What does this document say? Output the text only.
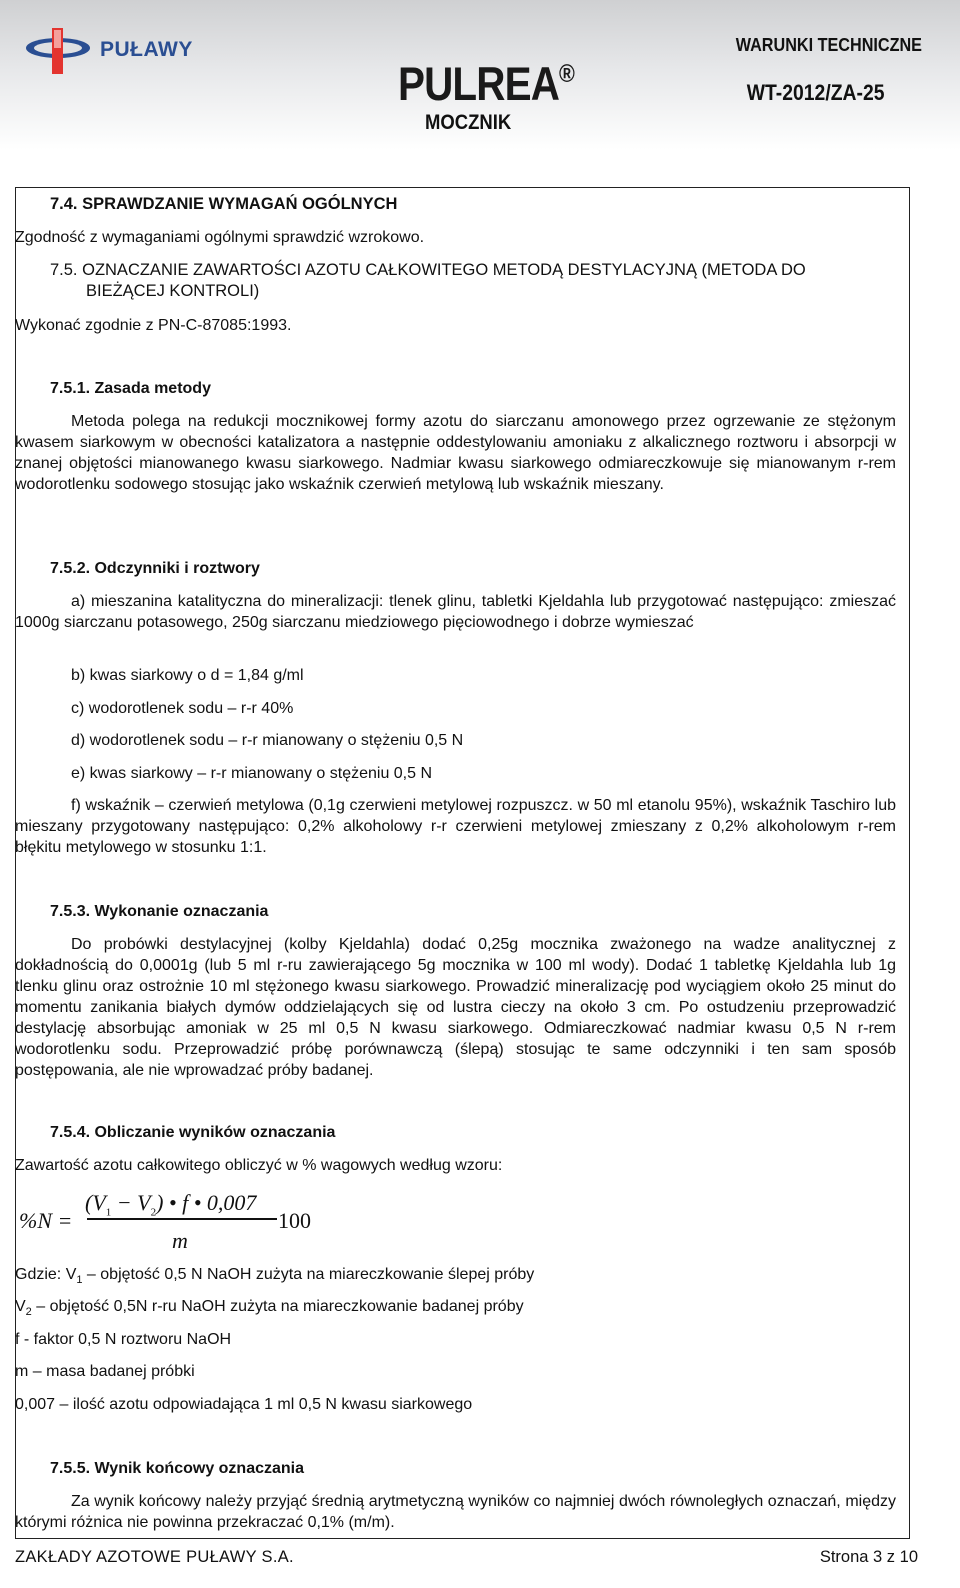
PUŁAWY
PULREA®
MOCZNIK
WARUNKI TECHNICZNE
WT-2012/ZA-25
7.4. SPRAWDZANIE WYMAGAŃ OGÓLNYCH
Zgodność z wymaganiami ogólnymi sprawdzić wzrokowo.
7.5. OZNACZANIE ZAWARTOŚCI AZOTU CAŁKOWITEGO METODĄ DESTYLACYJNĄ (METODA DO
BIEŻĄCEJ KONTROLI)
Wykonać zgodnie z PN-C-87085:1993.
7.5.1. Zasada metody
Metoda polega na redukcji mocznikowej formy azotu do siarczanu amonowego przez ogrzewanie ze stężonym kwasem siarkowym w obecności katalizatora a następnie oddestylowaniu amoniaku z alkalicznego roztworu i absorpcji w znanej objętości mianowanego kwasu siarkowego. Nadmiar kwasu siarkowego odmiareczkowuje się mianowanym r-rem wodorotlenku sodowego stosując jako wskaźnik czerwień metylową lub wskaźnik mieszany.
7.5.2. Odczynniki i roztwory
a) mieszanina katalityczna do mineralizacji: tlenek glinu, tabletki Kjeldahla lub przygotować następująco: zmieszać 1000g siarczanu potasowego, 250g siarczanu miedziowego pięciowodnego i dobrze wymieszać
b) kwas siarkowy o d = 1,84 g/ml
c) wodorotlenek sodu – r-r 40%
d) wodorotlenek sodu – r-r mianowany o stężeniu 0,5 N
e) kwas siarkowy – r-r mianowany o stężeniu 0,5 N
f) wskaźnik – czerwień metylowa (0,1g czerwieni metylowej rozpuszcz. w 50 ml etanolu 95%), wskaźnik Taschiro lub mieszany przygotowany następująco: 0,2% alkoholowy r-r czerwieni metylowej zmieszany z 0,2% alkoholowym r-rem błękitu metylowego w stosunku 1:1.
7.5.3. Wykonanie oznaczania
Do probówki destylacyjnej (kolby Kjeldahla) dodać 0,25g mocznika zważonego na wadze analitycznej z dokładnością do 0,0001g (lub 5 ml r-ru zawierającego 5g mocznika w 100 ml wody). Dodać 1 tabletkę Kjeldahla lub 1g tlenku glinu oraz ostrożnie 10 ml stężonego kwasu siarkowego. Prowadzić mineralizację pod wyciągiem około 25 minut do momentu zanikania białych dymów oddzielających się od lustra cieczy na około 3 cm. Po ostudzeniu przeprowadzić destylację absorbując amoniak w 25 ml 0,5 N kwasu siarkowego. Odmiareczkować nadmiar kwasu 0,5 N r-rem wodorotlenku sodu. Przeprowadzić próbę porównawczą (ślepą) stosując te same odczynniki i ten sam sposób postępowania, ale nie wprowadzać próby badanej.
7.5.4. Obliczanie wyników oznaczania
Zawartość azotu całkowitego obliczyć w % wagowych według wzoru:
%N =
$(V_1 - V_2)$ • f • 0,007
m
100
Gdzie: $V_1$ – objętość 0,5 N NaOH zużyta na miareczkowanie ślepej próby
$V_2$ – objętość 0,5N r-ru NaOH zużyta na miareczkowanie badanej próby
f - faktor 0,5 N roztworu NaOH
m – masa badanej próbki
0,007 – ilość azotu odpowiadająca 1 ml 0,5 N kwasu siarkowego
7.5.5. Wynik końcowy oznaczania
Za wynik końcowy należy przyjąć średnią arytmetyczną wyników co najmniej dwóch równoległych oznaczań, między którymi różnica nie powinna przekraczać 0,1% (m/m).
ZAKŁADY AZOTOWE PUŁAWY S.A.	Strona 3 z 10
